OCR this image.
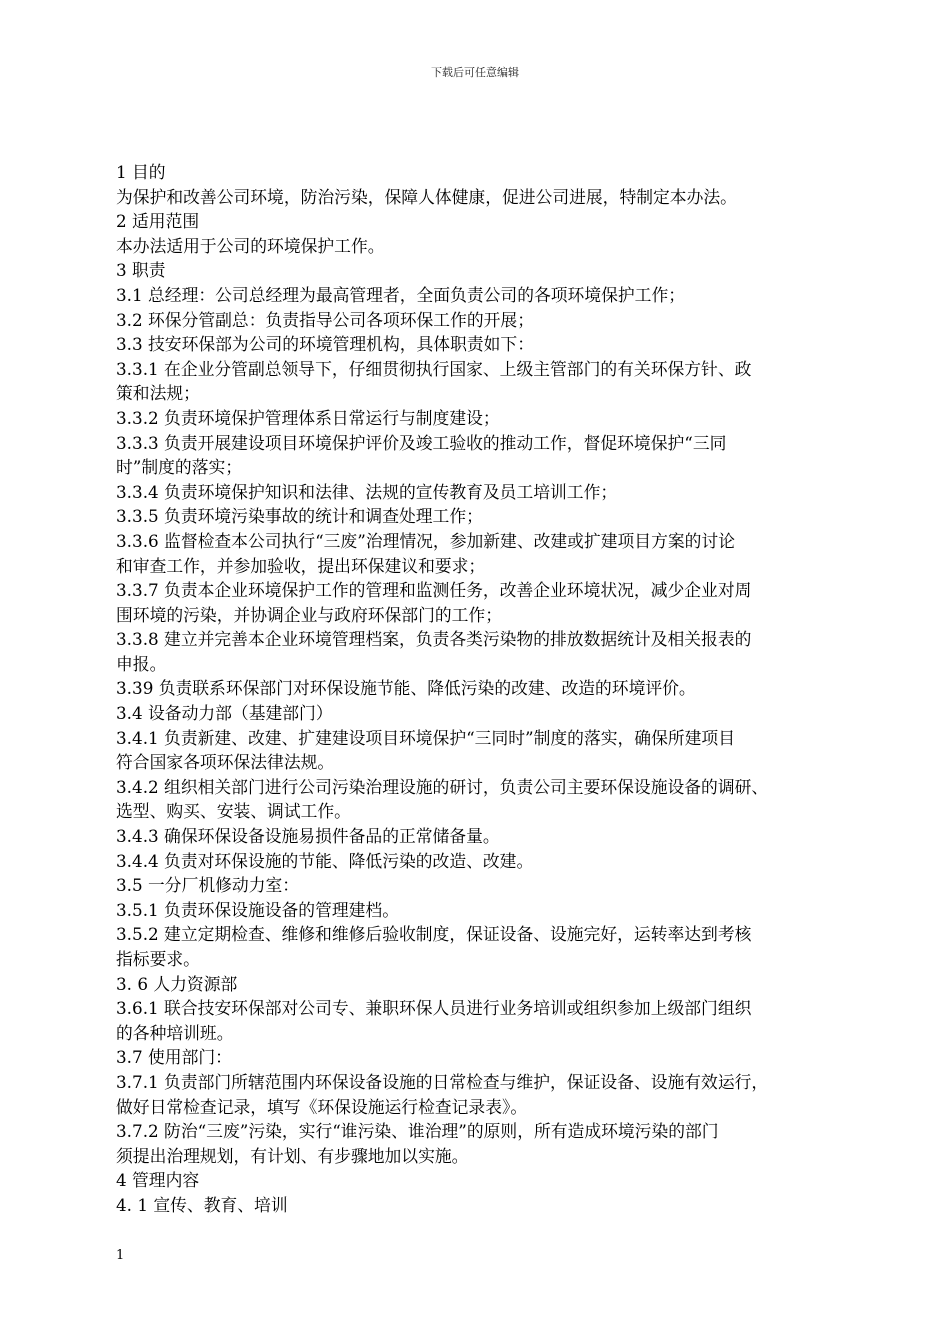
下载后可任意编辑
1 目的
为保护和改善公司环境，防治污染，保障人体健康，促进公司进展，特制定本办法。
2 适用范围
本办法适用于公司的环境保护工作。
3 职责
3.1 总经理：公司总经理为最高管理者，全面负责公司的各项环境保护工作；
3.2 环保分管副总：负责指导公司各项环保工作的开展；
3.3 技安环保部为公司的环境管理机构，具体职责如下：
3.3.1 在企业分管副总领导下，仔细贯彻执行国家、上级主管部门的有关环保方针、政
策和法规；
3.3.2 负责环境保护管理体系日常运行与制度建设；
3.3.3 负责开展建设项目环境保护评价及竣工验收的推动工作，督促环境保护“三同
时”制度的落实；
3.3.4 负责环境保护知识和法律、法规的宣传教育及员工培训工作；
3.3.5 负责环境污染事故的统计和调查处理工作；
3.3.6 监督检查本公司执行“三废”治理情况，参加新建、改建或扩建项目方案的讨论
和审查工作，并参加验收，提出环保建议和要求；
3.3.7 负责本企业环境保护工作的管理和监测任务，改善企业环境状况，减少企业对周
围环境的污染，并协调企业与政府环保部门的工作；
3.3.8 建立并完善本企业环境管理档案，负责各类污染物的排放数据统计及相关报表的
申报。
3.39 负责联系环保部门对环保设施节能、降低污染的改建、改造的环境评价。
3.4 设备动力部（基建部门）
3.4.1 负责新建、改建、扩建建设项目环境保护“三同时”制度的落实，确保所建项目
符合国家各项环保法律法规。
3.4.2 组织相关部门进行公司污染治理设施的研讨，负责公司主要环保设施设备的调研、
选型、购买、安装、调试工作。
3.4.3 确保环保设备设施易损件备品的正常储备量。
3.4.4 负责对环保设施的节能、降低污染的改造、改建。
3.5 一分厂机修动力室：
3.5.1 负责环保设施设备的管理建档。
3.5.2 建立定期检查、维修和维修后验收制度，保证设备、设施完好，运转率达到考核
指标要求。
3. 6 人力资源部
3.6.1 联合技安环保部对公司专、兼职环保人员进行业务培训或组织参加上级部门组织
的各种培训班。
3.7 使用部门：
3.7.1 负责部门所辖范围内环保设备设施的日常检查与维护，保证设备、设施有效运行，
做好日常检查记录，填写《环保设施运行检查记录表》。
3.7.2 防治“三废”污染，实行“谁污染、谁治理”的原则，所有造成环境污染的部门
须提出治理规划，有计划、有步骤地加以实施。
4 管理内容
4. 1 宣传、教育、培训
1
